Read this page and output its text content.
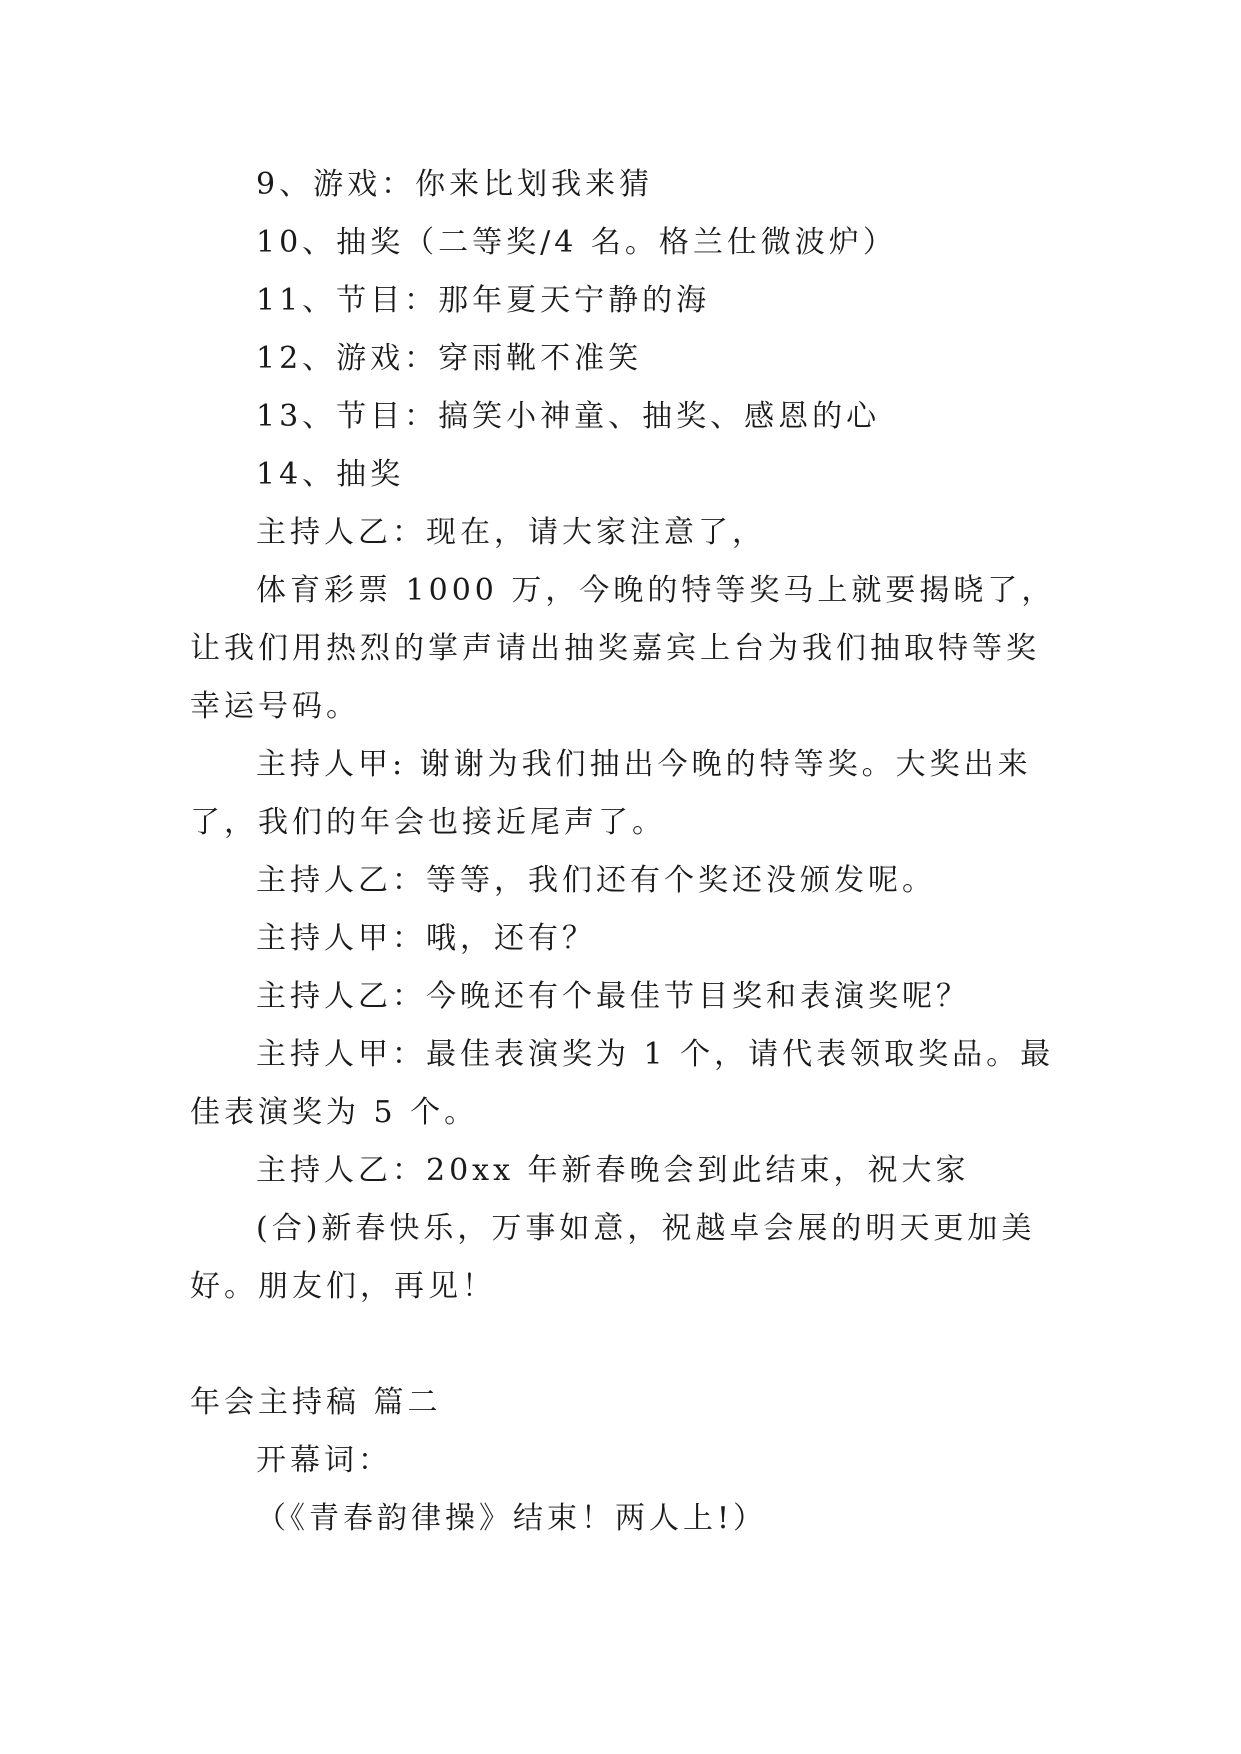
9、游戏：你来比划我来猜

10、抽奖（二等奖/4 名。格兰仕微波炉）

11、节目：那年夏天宁静的海

12、游戏：穿雨靴不准笑

13、节目：搞笑小神童、抽奖、感恩的心

14、抽奖

主持人乙：现在，请大家注意了，

体育彩票 1000 万，今晚的特等奖马上就要揭晓了，让我们用热烈的掌声请出抽奖嘉宾上台为我们抽取特等奖幸运号码。

主持人甲: 谢谢为我们抽出今晚的特等奖。大奖出来了，我们的年会也接近尾声了。

主持人乙：等等，我们还有个奖还没颁发呢。

主持人甲：哦，还有？

主持人乙：今晚还有个最佳节目奖和表演奖呢？

主持人甲：最佳表演奖为 1 个，请代表领取奖品。最佳表演奖为 5 个。

主持人乙：20xx 年新春晚会到此结束，祝大家

(合)新春快乐，万事如意，祝越卓会展的明天更加美好。朋友们，再见！

年会主持稿 篇二

开幕词：

（《青春韵律操》结束！两人上!）
